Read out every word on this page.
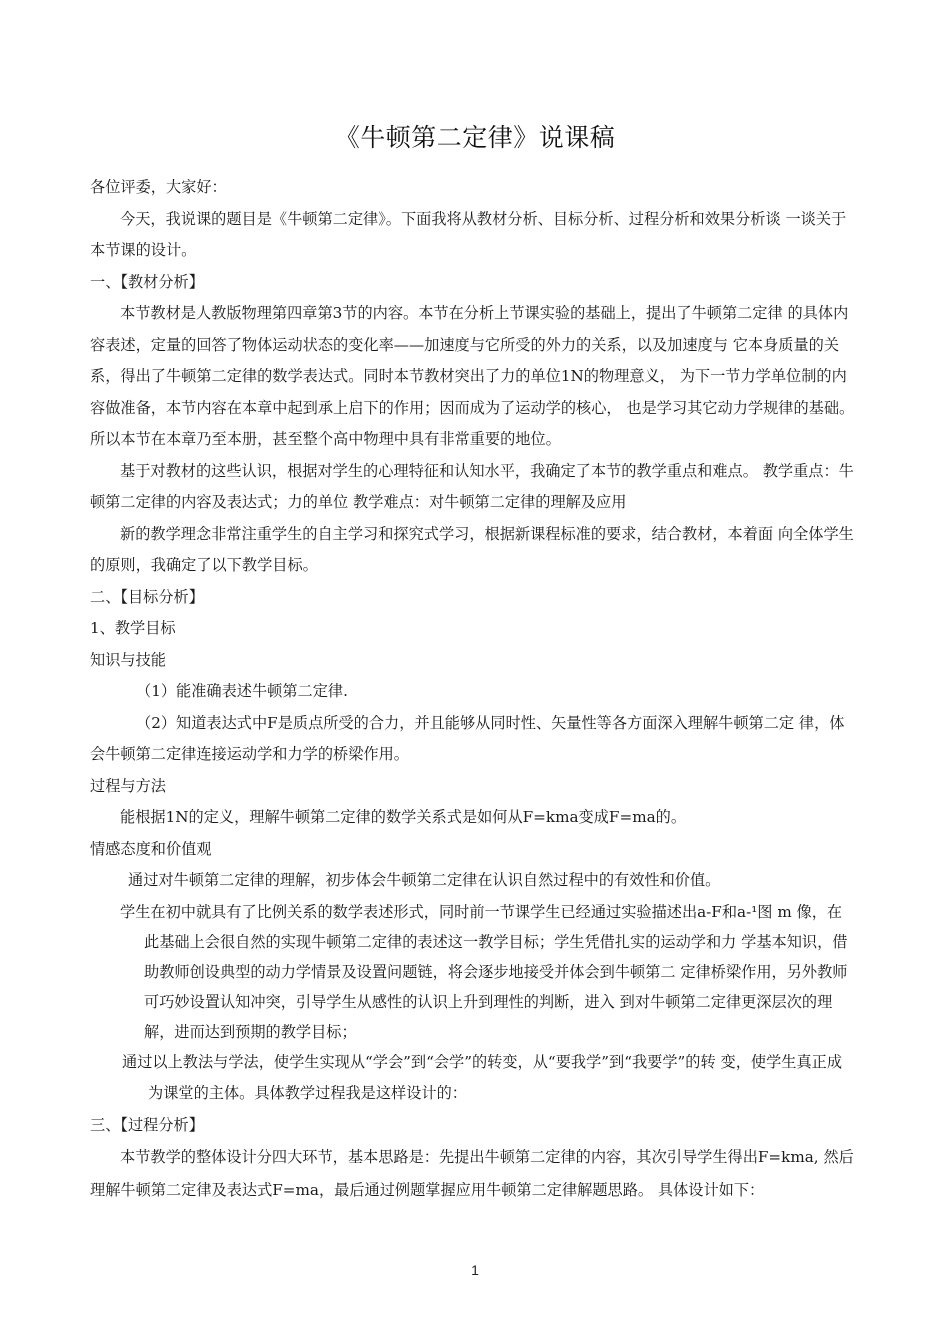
《牛顿第二定律》说课稿

各位评委，大家好：

今天，我说课的题目是《牛顿第二定律》。下面我将从教材分析、目标分析、过程分析和效果分析谈 一谈关于本节课的设计。

一、【教材分析】

本节教材是人教版物理第四章第3节的内容。本节在分析上节课实验的基础上，提出了牛顿第二定律 的具体内容表述，定量的回答了物体运动状态的变化率——加速度与它所受的外力的关系，以及加速度与 它本身质量的关系，得出了牛顿第二定律的数学表达式。同时本节教材突出了力的单位1N的物理意义， 为下一节力学单位制的内容做准备，本节内容在本章中起到承上启下的作用；因而成为了运动学的核心， 也是学习其它动力学规律的基础。所以本节在本章乃至本册，甚至整个高中物理中具有非常重要的地位。

基于对教材的这些认识，根据对学生的心理特征和认知水平，我确定了本节的教学重点和难点。 教学重点：牛顿第二定律的内容及表达式；力的单位 教学难点：对牛顿第二定律的理解及应用

新的教学理念非常注重学生的自主学习和探究式学习，根据新课程标准的要求，结合教材，本着面 向全体学生的原则，我确定了以下教学目标。

二、【目标分析】

1、教学目标

知识与技能

（1）能准确表述牛顿第二定律.

（2）知道表达式中F是质点所受的合力，并且能够从同时性、矢量性等各方面深入理解牛顿第二定 律，体会牛顿第二定律连接运动学和力学的桥梁作用。

过程与方法

能根据1N的定义，理解牛顿第二定律的数学关系式是如何从F=kma变成F=ma的。

情感态度和价值观

通过对牛顿第二定律的理解，初步体会牛顿第二定律在认识自然过程中的有效性和价值。

学生在初中就具有了比例关系的数学表述形式，同时前一节课学生已经通过实验描述出a-F和a-¹图 m 像，在此基础上会很自然的实现牛顿第二定律的表述这一教学目标；学生凭借扎实的运动学和力 学基本知识，借助教师创设典型的动力学情景及设置问题链，将会逐步地接受并体会到牛顿第二 定律桥梁作用，另外教师可巧妙设置认知冲突，引导学生从感性的认识上升到理性的判断，进入 到对牛顿第二定律更深层次的理解，进而达到预期的教学目标；

通过以上教法与学法，使学生实现从“学会”到“会学”的转变，从“要我学”到“我要学”的转 变，使学生真正成为课堂的主体。具体教学过程我是这样设计的：

三、【过程分析】

本节教学的整体设计分四大环节，基本思路是：先提出牛顿第二定律的内容，其次引导学生得出F=kma, 然后理解牛顿第二定律及表达式F=ma，最后通过例题掌握应用牛顿第二定律解题思路。 具体设计如下：

1
